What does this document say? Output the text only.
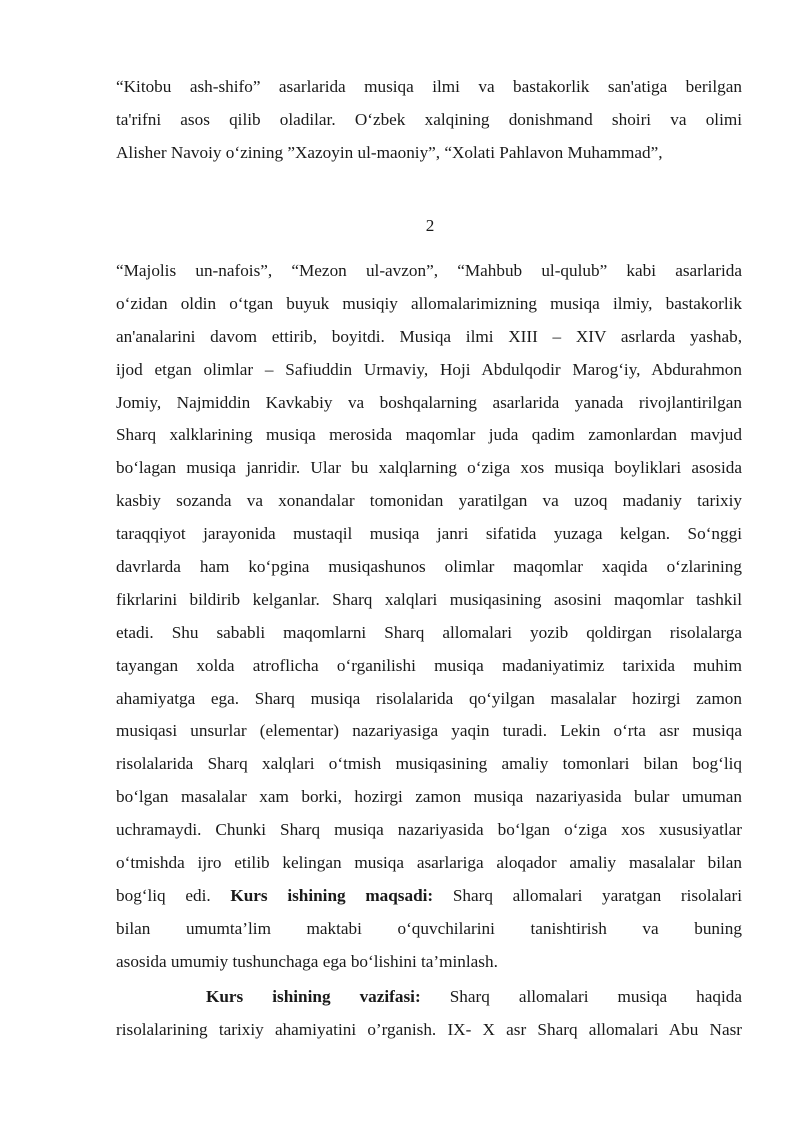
“Kitobu ash-shifo” asarlarida musiqa ilmi va bastakorlik san'atiga berilgan
ta'rifni asos qilib oladilar. O‘zbek xalqining donishmand shoiri va olimi
Alisher Navoiy o‘zining ”Xazoyin ul-maoniy”, “Xolati Pahlavon Muhammad”,
2
“Majolis un-nafois”, “Mezon ul-avzon”, “Mahbub ul-qulub” kabi asarlarida
o‘zidan oldin o‘tgan buyuk musiqiy allomalarimizning musiqa ilmiy, bastakorlik
an'analarini davom ettirib, boyitdi. Musiqa ilmi XIII – XIV asrlarda yashab,
ijod etgan olimlar – Safiuddin Urmaviy, Hoji Abdulqodir Marog‘iy, Abdurahmon
Jomiy, Najmiddin Kavkabiy va boshqalarning asarlarida yanada rivojlantirilgan
Sharq xalklarining musiqa merosida maqomlar juda qadim zamonlardan mavjud
bo‘lagan musiqa janridir. Ular bu xalqlarning o‘ziga xos musiqa boyliklari asosida
kasbiy sozanda va xonandalar tomonidan yaratilgan va uzoq madaniy tarixiy
taraqqiyot jarayonida mustaqil musiqa janri sifatida yuzaga kelgan. So‘nggi
davrlarda ham ko‘pgina musiqashunos olimlar maqomlar xaqida o‘zlarining
fikrlarini bildirib kelganlar. Sharq xalqlari musiqasining asosini maqomlar tashkil
etadi. Shu sababli maqomlarni Sharq allomalari yozib qoldirgan risolalarga
tayangan xolda atroflicha o‘rganilishi musiqa madaniyatimiz tarixida muhim
ahamiyatga ega. Sharq musiqa risolalarida qo‘yilgan masalalar hozirgi zamon
musiqasi unsurlar (elementar) nazariyasiga yaqin turadi. Lekin o‘rta asr musiqa
risolalarida Sharq xalqlari o‘tmish musiqasining amaliy tomonlari bilan bog‘liq
bo‘lgan masalalar xam borki, hozirgi zamon musiqa nazariyasida bular umuman
uchramaydi. Chunki Sharq musiqa nazariyasida bo‘lgan o‘ziga xos xususiyatlar
o‘tmishda ijro etilib kelingan musiqa asarlariga aloqador amaliy masalalar bilan
bog‘liq edi. Kurs ishining maqsadi: Sharq allomalari yaratgan risolalari
bilan umumta’lim maktabi o‘quvchilarini tanishtirish va buning
asosida umumiy tushunchaga ega bo‘lishini ta’minlash.
Kurs ishining vazifasi: Sharq allomalari musiqa haqida
risolalarining tarixiy ahamiyatini o’rganish. IX- X asr Sharq allomalari Abu Nasr
